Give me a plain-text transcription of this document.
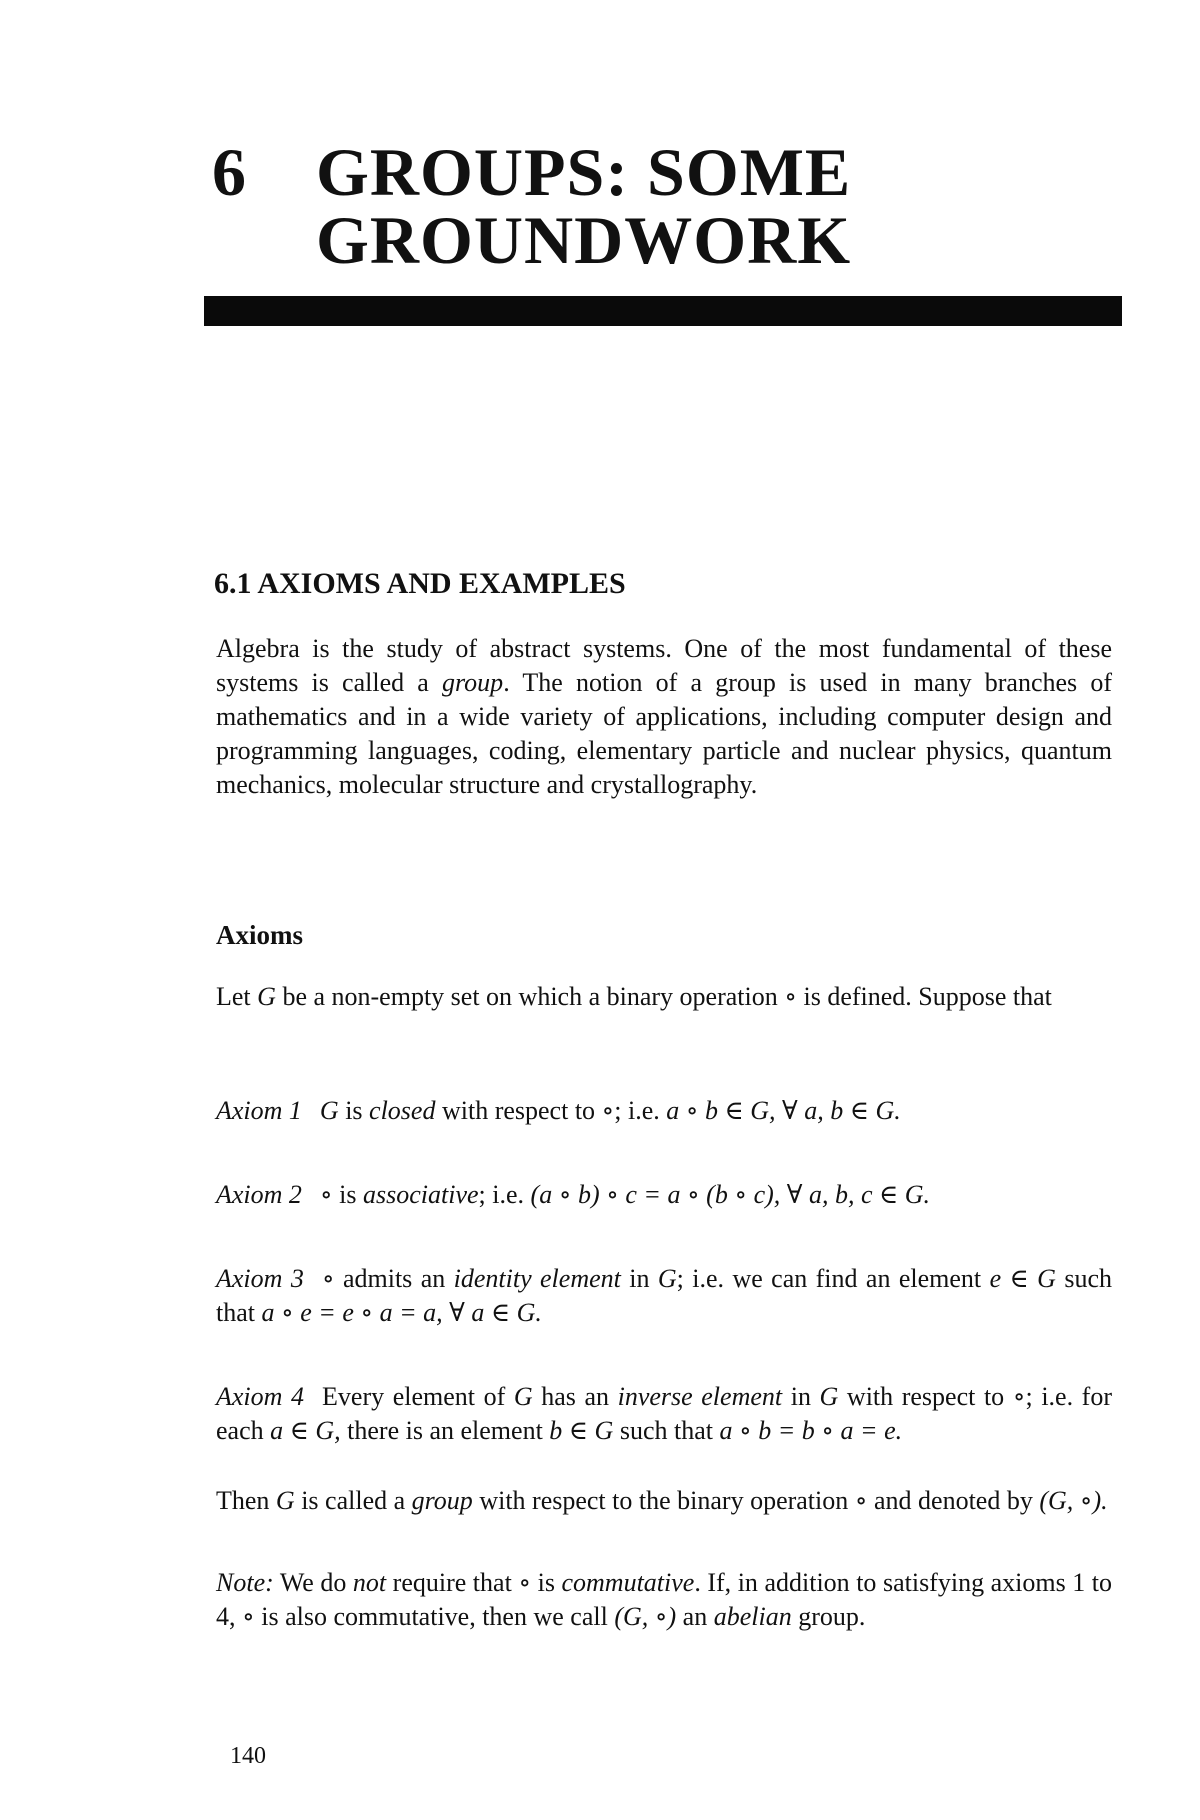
6 GROUPS: SOME
GROUNDWORK
6.1 AXIOMS AND EXAMPLES
Algebra is the study of abstract systems. One of the most fundamental of these systems is called a group. The notion of a group is used in many branches of mathematics and in a wide variety of applications, including computer design and programming languages, coding, elementary particle and nuclear physics, quantum mechanics, molecular structure and crystallography.
Axioms
Let G be a non-empty set on which a binary operation ∘ is defined. Suppose that
Axiom 1 G is closed with respect to ∘; i.e. a ∘ b ∈ G, ∀ a, b ∈ G.
Axiom 2 ∘ is associative; i.e. (a ∘ b) ∘ c = a ∘ (b ∘ c), ∀ a, b, c ∈ G.
Axiom 3 ∘ admits an identity element in G; i.e. we can find an element e ∈ G such that a ∘ e = e ∘ a = a, ∀ a ∈ G.
Axiom 4 Every element of G has an inverse element in G with respect to ∘; i.e. for each a ∈ G, there is an element b ∈ G such that a ∘ b = b ∘ a = e.
Then G is called a group with respect to the binary operation ∘ and denoted by (G, ∘).
Note: We do not require that ∘ is commutative. If, in addition to satisfying axioms 1 to 4, ∘ is also commutative, then we call (G, ∘) an abelian group.
140
